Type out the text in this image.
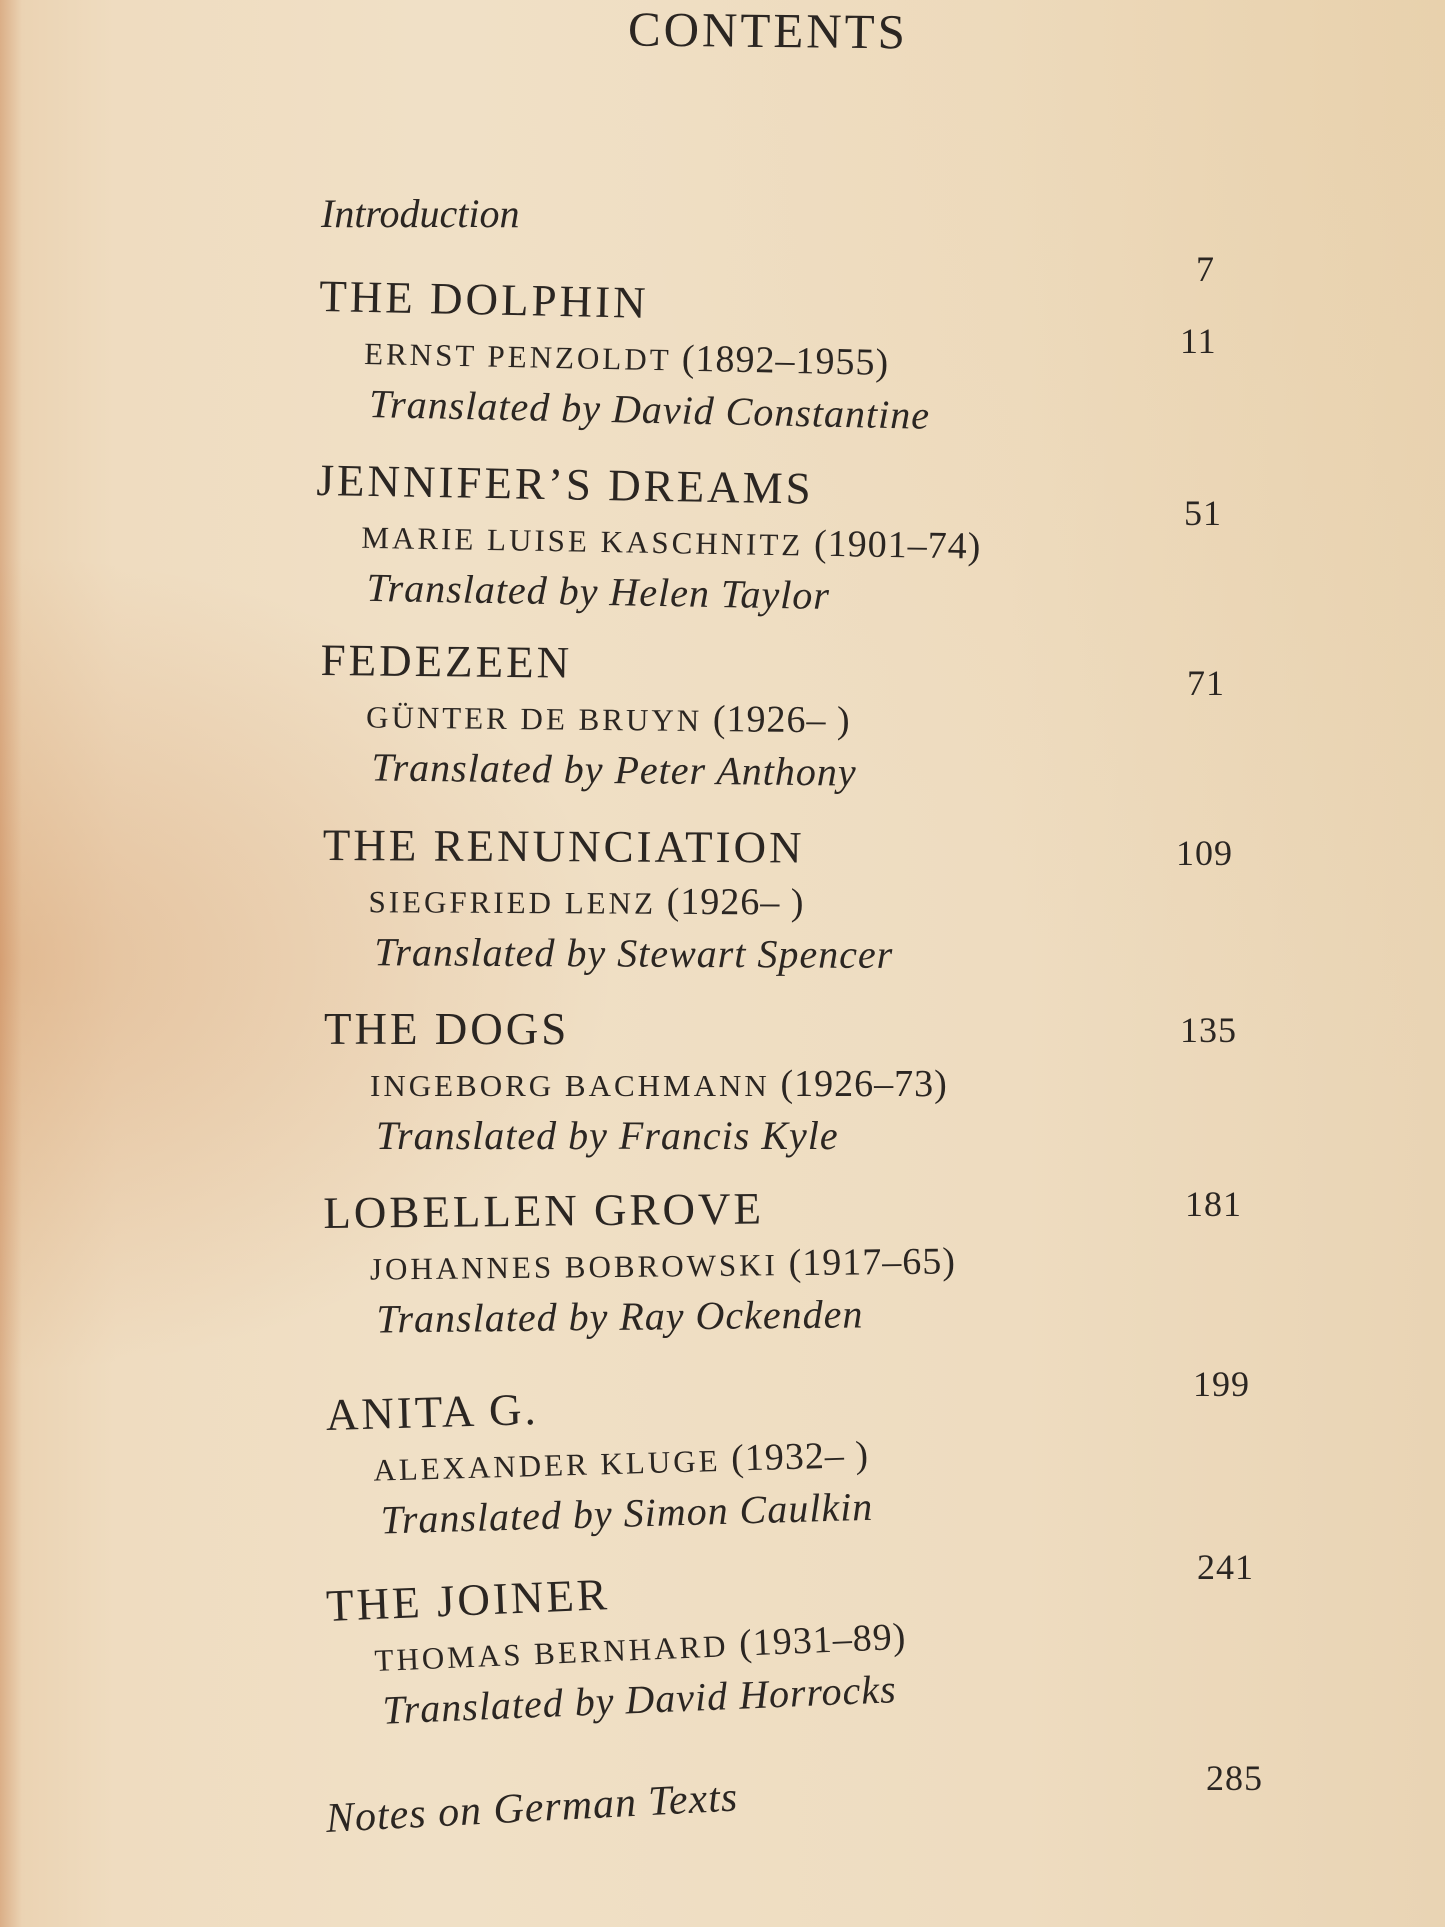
CONTENTS
Introduction
7
THE DOLPHIN
ERNST PENZOLDT (1892–1955)
Translated by David Constantine
11
JENNIFER’S DREAMS
MARIE LUISE KASCHNITZ (1901–74)
Translated by Helen Taylor
51
FEDEZEEN
GÜNTER DE BRUYN (1926– )
Translated by Peter Anthony
71
THE RENUNCIATION
SIEGFRIED LENZ (1926– )
Translated by Stewart Spencer
109
THE DOGS
INGEBORG BACHMANN (1926–73)
Translated by Francis Kyle
135
LOBELLEN GROVE
JOHANNES BOBROWSKI (1917–65)
Translated by Ray Ockenden
181
ANITA G.
ALEXANDER KLUGE (1932– )
Translated by Simon Caulkin
199
THE JOINER
THOMAS BERNHARD (1931–89)
Translated by David Horrocks
241
Notes on German Texts	285
